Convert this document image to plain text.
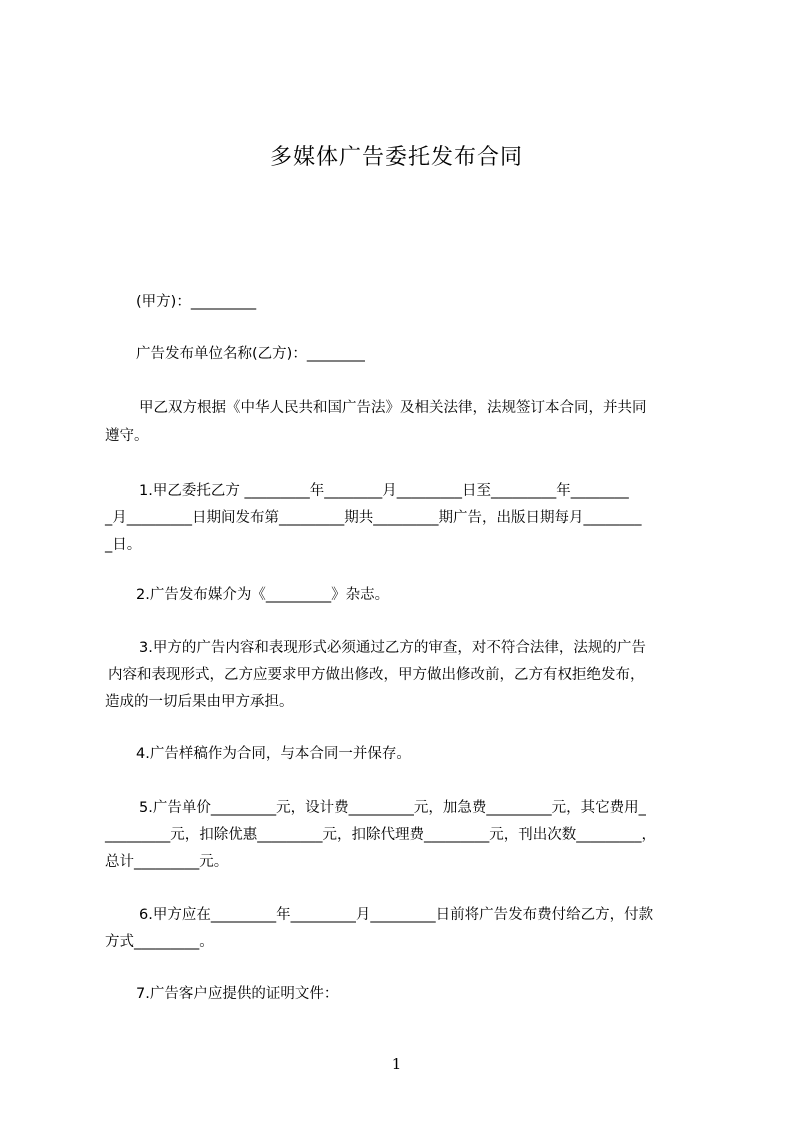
多媒体广告委托发布合同
(甲方)：_________
广告发布单位名称(乙方)：________
甲乙双方根据《中华人民共和国广告法》及相关法律，法规签订本合同，并共同
遵守。
1.甲乙委托乙方 _________年________月_________日至_________年________
_月_________日期间发布第_________期共_________期广告，出版日期每月________
_日。
2.广告发布媒介为《_________》杂志。
3.甲方的广告内容和表现形式必须通过乙方的审查，对不符合法律，法规的广告
内容和表现形式，乙方应要求甲方做出修改，甲方做出修改前，乙方有权拒绝发布，
造成的一切后果由甲方承担。
4.广告样稿作为合同，与本合同一并保存。
5.广告单价_________元，设计费_________元，加急费_________元，其它费用_
_________元，扣除优惠_________元，扣除代理费_________元，刊出次数_________，
总计_________元。
6.甲方应在_________年_________月_________日前将广告发布费付给乙方，付款
方式_________。
7.广告客户应提供的证明文件：
1
